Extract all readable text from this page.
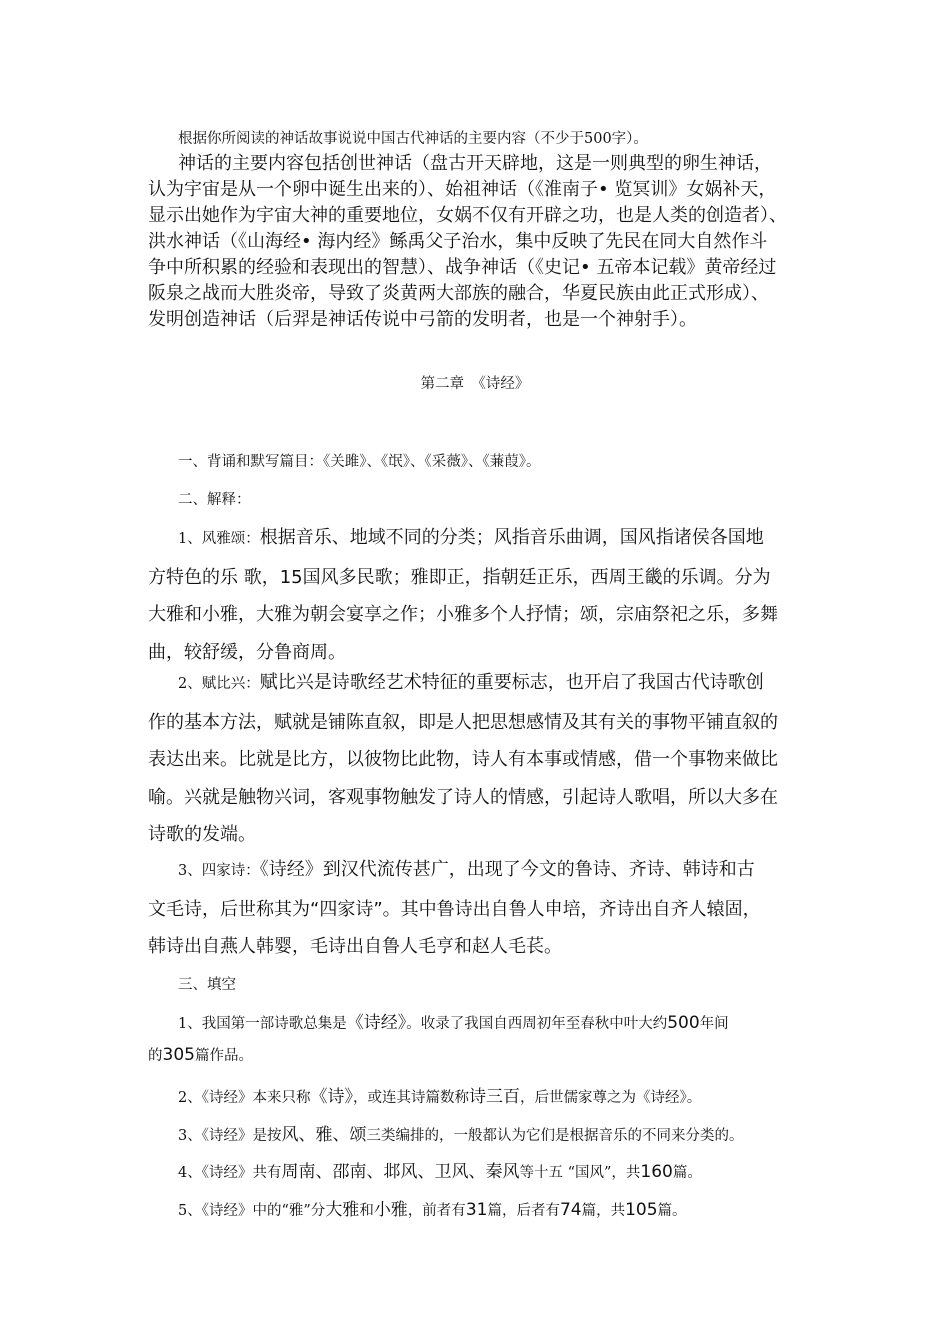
根据你所阅读的神话故事说说中国古代神话的主要内容（不少于500字）。

神话的主要内容包括创世神话（盘古开天辟地，这是一则典型的卵生神话，
认为宇宙是从一个卵中诞生出来的）、始祖神话（《淮南子• 览冥训》女娲补天，
显示出她作为宇宙大神的重要地位，女娲不仅有开辟之功，也是人类的创造者）、
洪水神话（《山海经• 海内经》鲧禹父子治水，集中反映了先民在同大自然作斗
争中所积累的经验和表现出的智慧）、战争神话（《史记• 五帝本记载》黄帝经过
阪泉之战而大胜炎帝，导致了炎黄两大部族的融合，华夏民族由此正式形成）、
发明创造神话（后羿是神话传说中弓箭的发明者，也是一个神射手）。

第二章　《诗经》

一、背诵和默写篇目：《关雎》、《氓》、《采薇》、《蒹葭》。

二、解释：

1、风雅颂：根据音乐、地域不同的分类；风指音乐曲调，国风指诸侯各国地
方特色的乐 歌，15国风多民歌；雅即正，指朝廷正乐，西周王畿的乐调。分为
大雅和小雅，大雅为朝会宴享之作；小雅多个人抒情；颂，宗庙祭祀之乐，多舞
曲，较舒缓，分鲁商周。
2、赋比兴：赋比兴是诗歌经艺术特征的重要标志，也开启了我国古代诗歌创
作的基本方法，赋就是铺陈直叙，即是人把思想感情及其有关的事物平铺直叙的
表达出来。比就是比方，以彼物比此物，诗人有本事或情感，借一个事物来做比
喻。兴就是触物兴词，客观事物触发了诗人的情感，引起诗人歌唱，所以大多在
诗歌的发端。
3、四家诗：《诗经》到汉代流传甚广，出现了今文的鲁诗、齐诗、韩诗和古
文毛诗，后世称其为“四家诗”。其中鲁诗出自鲁人申培，齐诗出自齐人辕固，
韩诗出自燕人韩婴，毛诗出自鲁人毛亨和赵人毛苌。

三、填空

1、我国第一部诗歌总集是《诗经》。收录了我国自西周初年至春秋中叶大约500年间

的305篇作品。

2、《诗经》本来只称《诗》，或连其诗篇数称诗三百，后世儒家尊之为《诗经》。

3、《诗经》是按风、雅、颂三类编排的，一般都认为它们是根据音乐的不同来分类的。

4、《诗经》共有周南、邵南、邶风、卫风、秦风等十五 “国风”，共160篇。

5、《诗经》中的“雅”分大雅和小雅，前者有31篇，后者有74篇，共105篇。
